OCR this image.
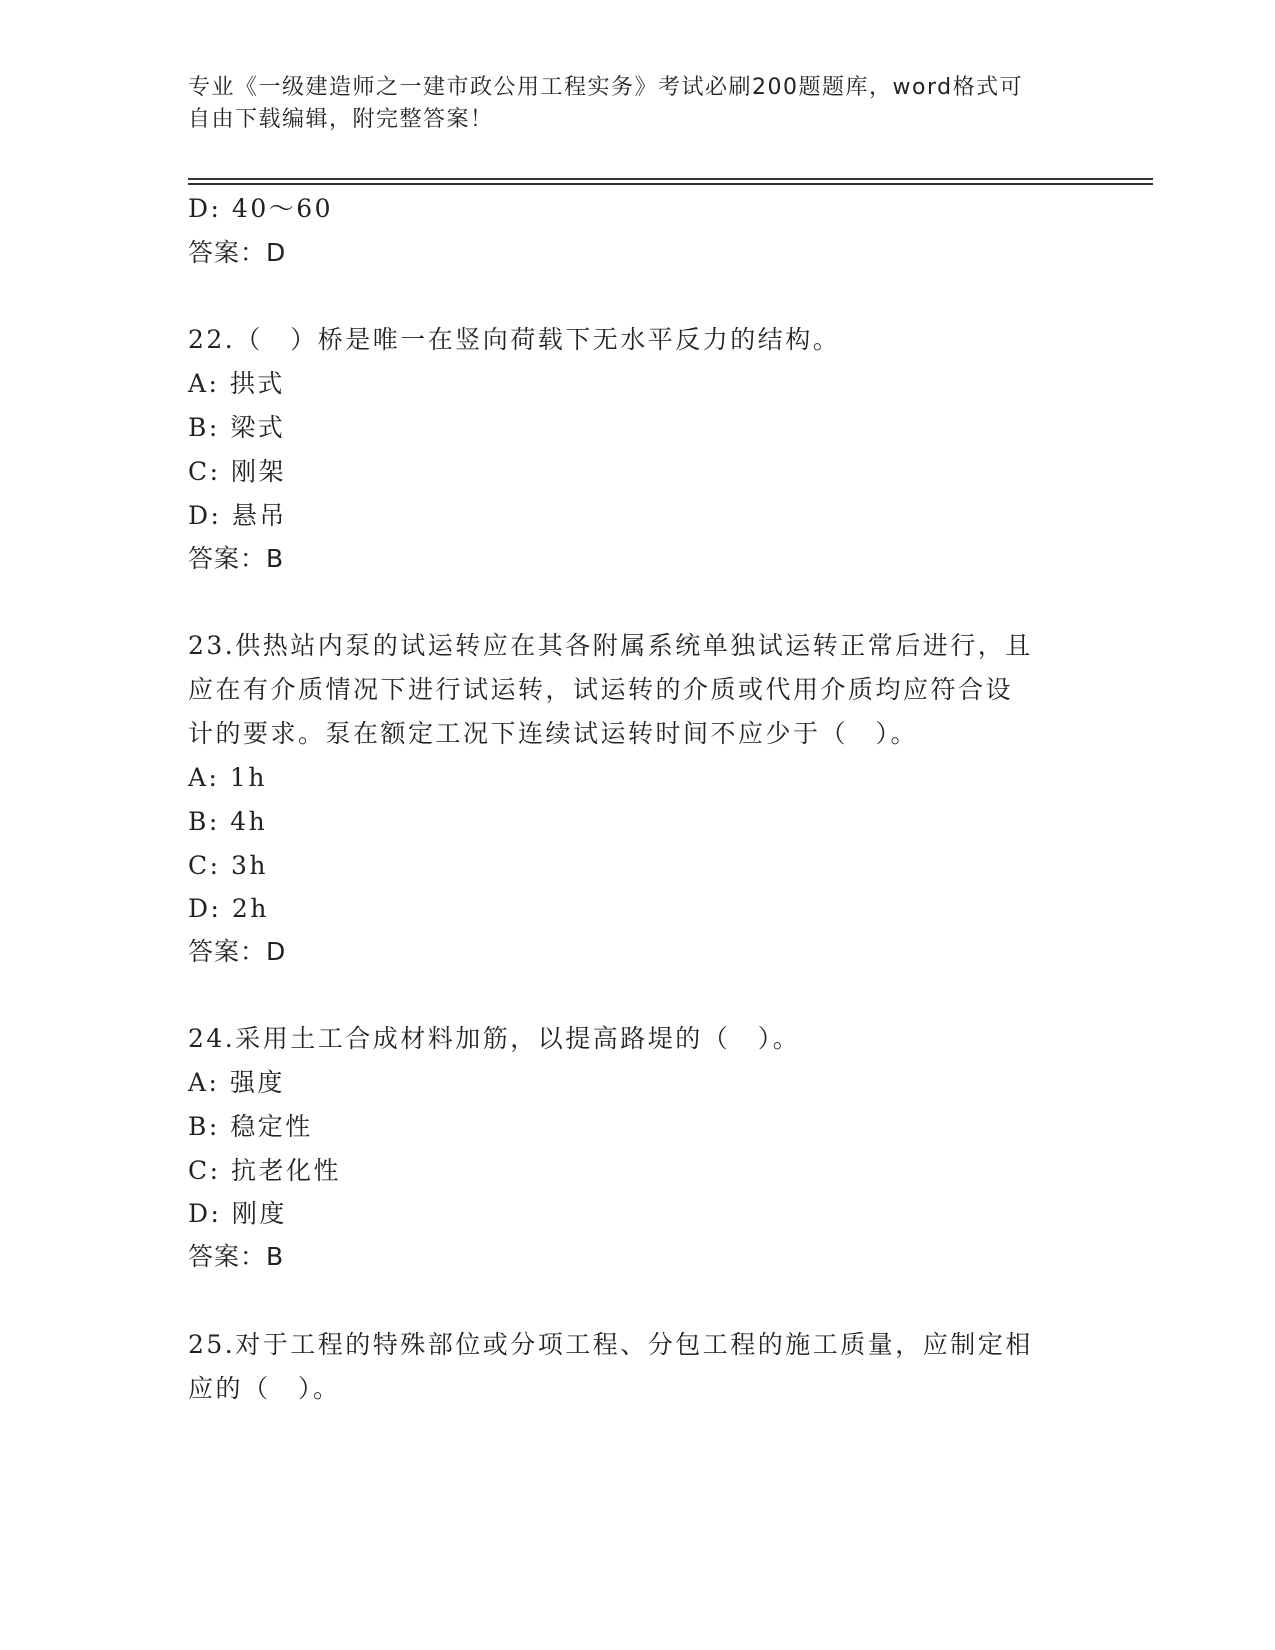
专业《一级建造师之一建市政公用工程实务》考试必刷200题题库，word格式可
自由下载编辑，附完整答案！
D: 40～60
答案：D
22.（　）桥是唯一在竖向荷载下无水平反力的结构。
A: 拱式
B: 梁式
C: 刚架
D: 悬吊
答案：B
23.供热站内泵的试运转应在其各附属系统单独试运转正常后进行，且
应在有介质情况下进行试运转，试运转的介质或代用介质均应符合设
计的要求。泵在额定工况下连续试运转时间不应少于（　）。
A: 1h
B: 4h
C: 3h
D: 2h
答案：D
24.采用土工合成材料加筋，以提高路堤的（　）。
A: 强度
B: 稳定性
C: 抗老化性
D: 刚度
答案：B
25.对于工程的特殊部位或分项工程、分包工程的施工质量，应制定相
应的（　）。
